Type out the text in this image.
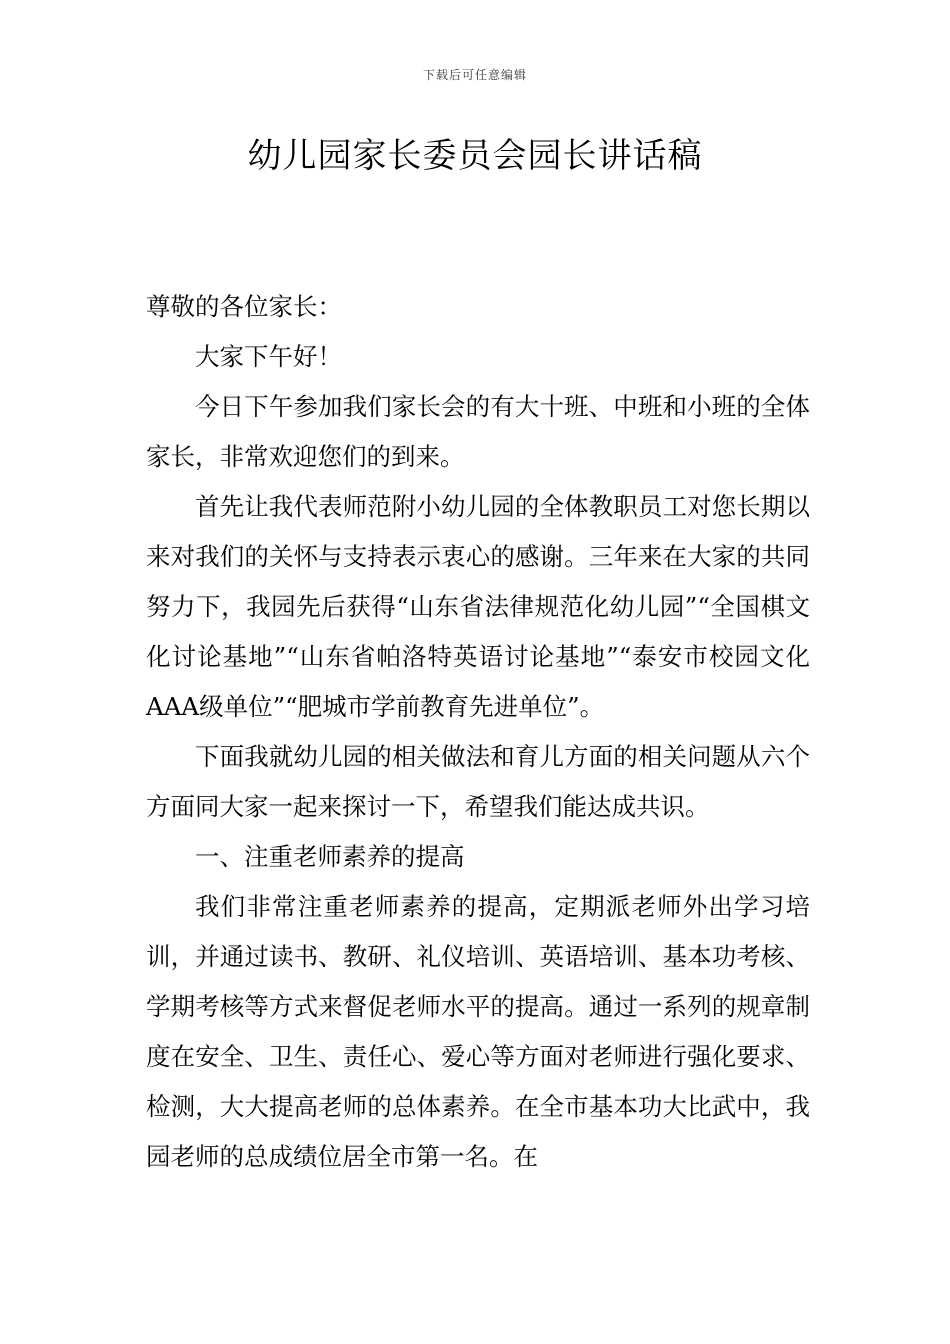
下载后可任意编辑
幼儿园家长委员会园长讲话稿

尊敬的各位家长：

大家下午好！

今日下午参加我们家长会的有大十班、中班和小班的全体家长，非常欢迎您们的到来。

首先让我代表师范附小幼儿园的全体教职员工对您长期以来对我们的关怀与支持表示衷心的感谢。三年来在大家的共同努力下，我园先后获得“山东省法律规范化幼儿园”“全国棋文化讨论基地”“山东省帕洛特英语讨论基地”“泰安市校园文化AAA级单位”“肥城市学前教育先进单位”。

下面我就幼儿园的相关做法和育儿方面的相关问题从六个方面同大家一起来探讨一下，希望我们能达成共识。

一、注重老师素养的提高

我们非常注重老师素养的提高，定期派老师外出学习培训，并通过读书、教研、礼仪培训、英语培训、基本功考核、学期考核等方式来督促老师水平的提高。通过一系列的规章制度在安全、卫生、责任心、爱心等方面对老师进行强化要求、检测，大大提高老师的总体素养。在全市基本功大比武中，我园老师的总成绩位居全市第一名。在
